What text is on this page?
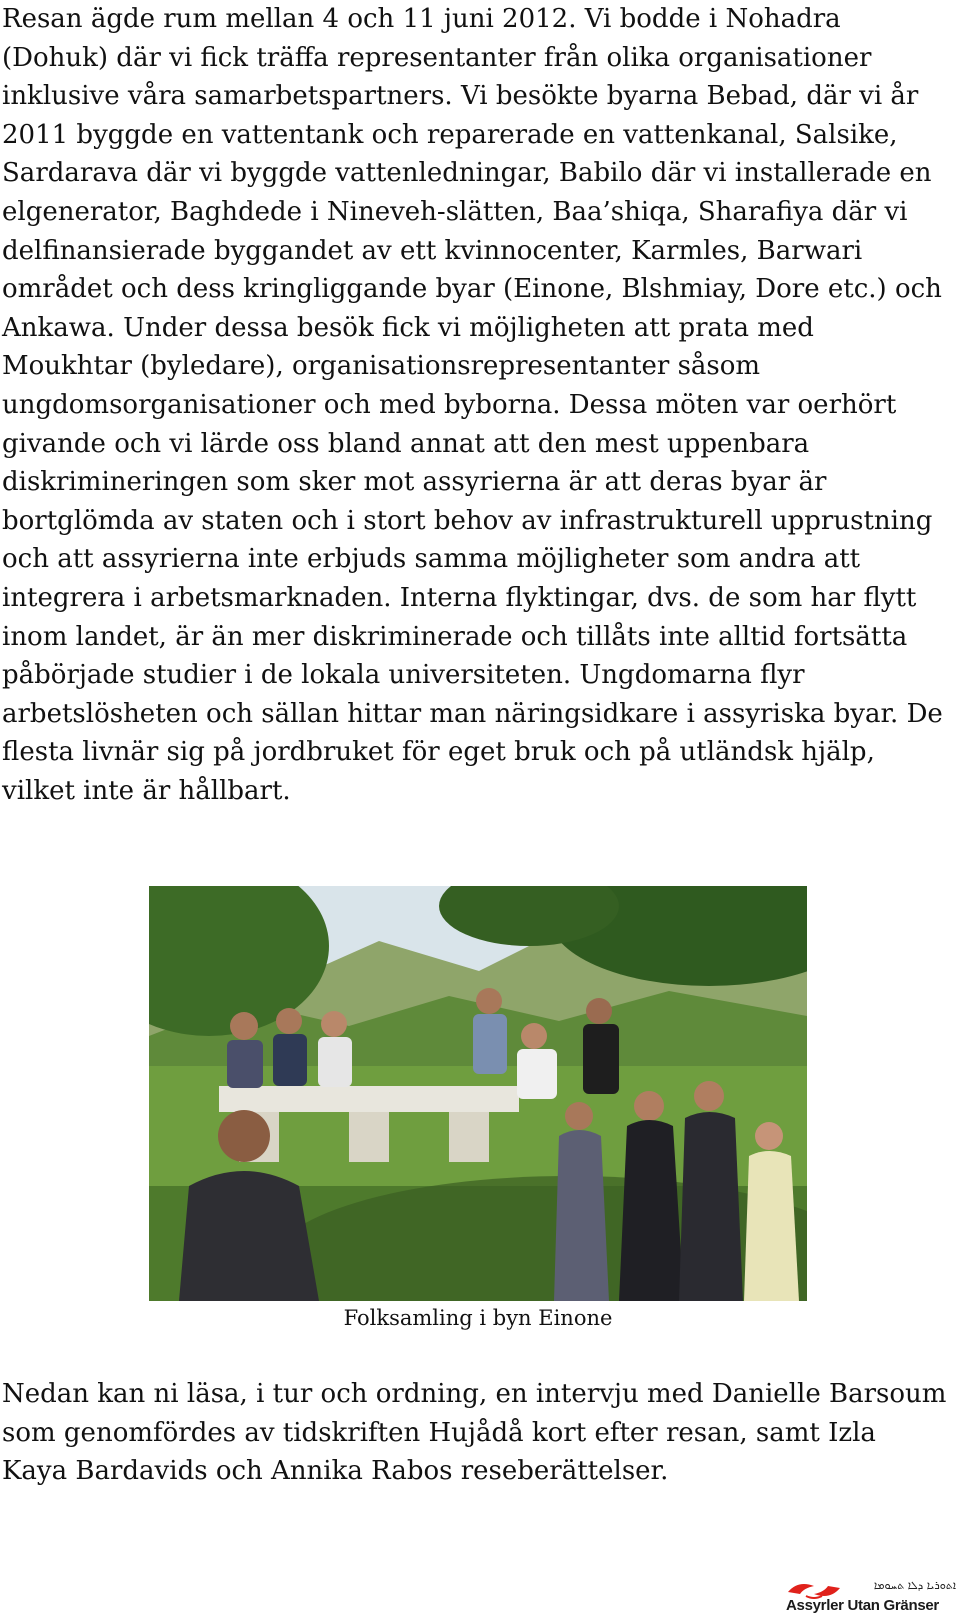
Resan ägde rum mellan 4 och 11 juni 2012. Vi bodde i Nohadra (Dohuk) där vi fick träffa representanter från olika organisationer inklusive våra samarbetspartners. Vi besökte byarna Bebad, där vi år 2011 byggde en vattentank och reparerade en vattenkanal, Salsike, Sardarava där vi byggde vattenledningar, Babilo där vi installerade en elgenerator, Baghdede i Nineveh-slätten, Baa’shiqa, Sharafiya där vi delfinansierade byggandet av ett kvinnocenter, Karmles, Barwari området och dess kringliggande byar (Einone, Blshmiay, Dore etc.) och Ankawa. Under dessa besök fick vi möjligheten att prata med Moukhtar (byledare), organisationsrepresentanter såsom ungdomsorganisationer och med byborna. Dessa möten var oerhört givande och vi lärde oss bland annat att den mest uppenbara diskrimineringen som sker mot assyrierna är att deras byar är bortglömda av staten och i stort behov av infrastrukturell upprustning och att assyrierna inte erbjuds samma möjligheter som andra att integrera i arbetsmarknaden. Interna flyktingar, dvs. de som har flytt inom landet, är än mer diskriminerade och tillåts inte alltid fortsätta påbörjade studier i de lokala universiteten. Ungdomarna flyr arbetslösheten och sällan hittar man näringsidkare i assyriska byar. De flesta livnär sig på jordbruket för eget bruk och på utländsk hjälp, vilket inte är hållbart.

Folksamling i byn Einone

Nedan kan ni läsa, i tur och ordning, en intervju med Danielle Barsoum som genomfördes av tidskriften Hujådå kort efter resan, samt Izla Kaya Bardavids och Annika Rabos reseberättelser.

ܐܬܘܪܝܐ ܕܠܐ ܬܚܘܡܐ
Assyrler Utan Gränser
